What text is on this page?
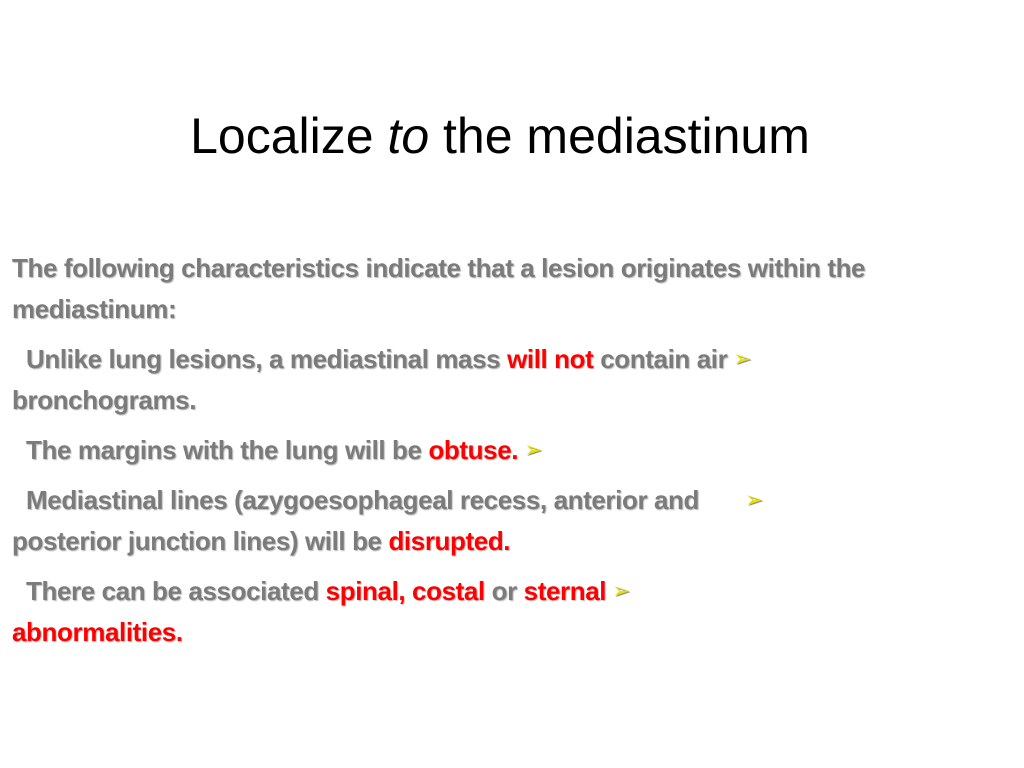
Localize to the mediastinum

The following characteristics indicate that a lesion originates within the mediastinum:

Unlike lung lesions, a mediastinal mass will not contain air ➢
bronchograms.

The margins with the lung will be obtuse. ➢

Mediastinal lines (azygoesophageal recess, anterior and ➢
posterior junction lines) will be disrupted.

There can be associated spinal, costal or sternal ➢
abnormalities.
